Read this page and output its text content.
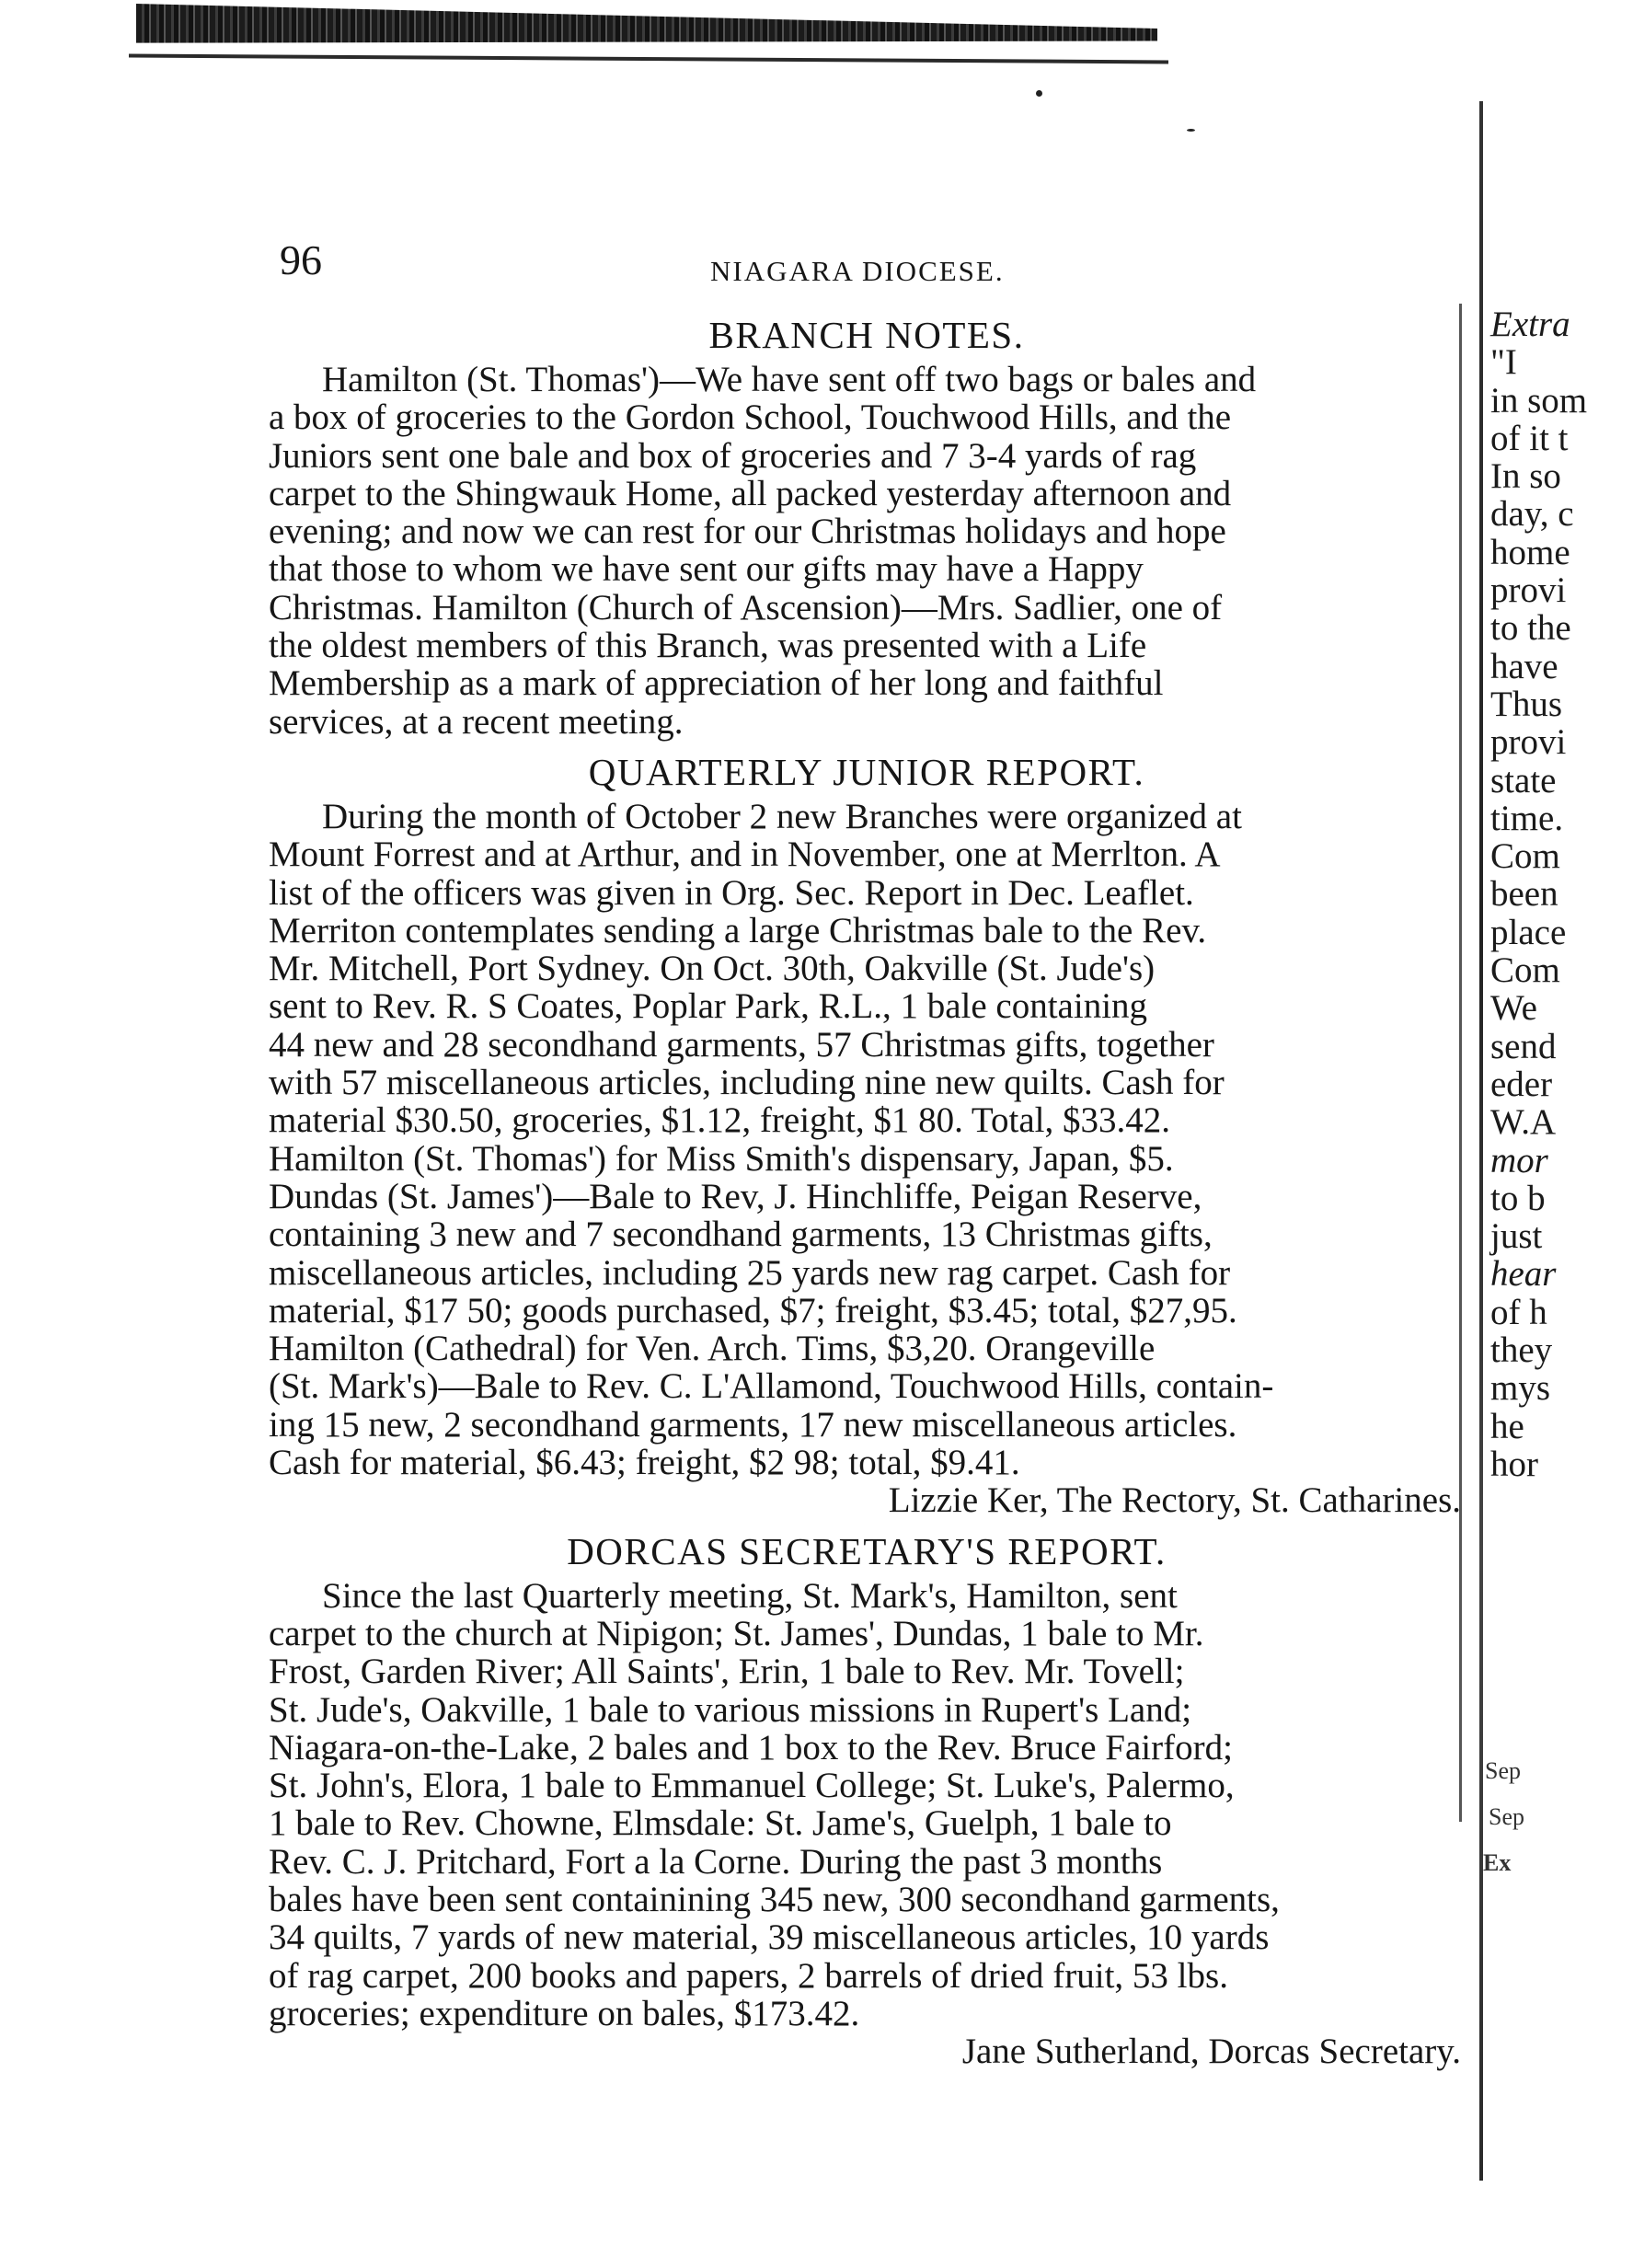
96	NIAGARA DIOCESE.
BRANCH NOTES.
Hamilton (St. Thomas')—We have sent off two bags or bales and
a box of groceries to the Gordon School, Touchwood Hills, and the
Juniors sent one bale and box of groceries and 7 3-4 yards of rag
carpet to the Shingwauk Home, all packed yesterday afternoon and
evening; and now we can rest for our Christmas holidays and hope
that those to whom we have sent our gifts may have a Happy
Christmas. Hamilton (Church of Ascension)—Mrs. Sadlier, one of
the oldest members of this Branch, was presented with a Life
Membership as a mark of appreciation of her long and faithful
services, at a recent meeting.
QUARTERLY JUNIOR REPORT.
During the month of October 2 new Branches were organized at
Mount Forrest and at Arthur, and in November, one at Merrlton. A
list of the officers was given in Org. Sec. Report in Dec. Leaflet.
Merriton contemplates sending a large Christmas bale to the Rev.
Mr. Mitchell, Port Sydney. On Oct. 30th, Oakville (St. Jude's)
sent to Rev. R. S Coates, Poplar Park, R.L., 1 bale containing
44 new and 28 secondhand garments, 57 Christmas gifts, together
with 57 miscellaneous articles, including nine new quilts. Cash for
material $30.50, groceries, $1.12, freight, $1 80. Total, $33.42.
Hamilton (St. Thomas') for Miss Smith's dispensary, Japan, $5.
Dundas (St. James')—Bale to Rev, J. Hinchliffe, Peigan Reserve,
containing 3 new and 7 secondhand garments, 13 Christmas gifts,
miscellaneous articles, including 25 yards new rag carpet. Cash for
material, $17 50; goods purchased, $7; freight, $3.45; total, $27,95.
Hamilton (Cathedral) for Ven. Arch. Tims, $3,20. Orangeville
(St. Mark's)—Bale to Rev. C. L'Allamond, Touchwood Hills, contain-
ing 15 new, 2 secondhand garments, 17 new miscellaneous articles.
Cash for material, $6.43; freight, $2 98; total, $9.41.
Lizzie Ker, The Rectory, St. Catharines.
DORCAS SECRETARY'S REPORT.
Since the last Quarterly meeting, St. Mark's, Hamilton, sent
carpet to the church at Nipigon; St. James', Dundas, 1 bale to Mr.
Frost, Garden River; All Saints', Erin, 1 bale to Rev. Mr. Tovell;
St. Jude's, Oakville, 1 bale to various missions in Rupert's Land;
Niagara-on-the-Lake, 2 bales and 1 box to the Rev. Bruce Fairford;
St. John's, Elora, 1 bale to Emmanuel College; St. Luke's, Palermo,
1 bale to Rev. Chowne, Elmsdale: St. Jame's, Guelph, 1 bale to
Rev. C. J. Pritchard, Fort a la Corne. During the past 3 months
bales have been sent containining 345 new, 300 secondhand garments,
34 quilts, 7 yards of new material, 39 miscellaneous articles, 10 yards
of rag carpet, 200 books and papers, 2 barrels of dried fruit, 53 lbs.
groceries; expenditure on bales, $173.42.
Jane Sutherland, Dorcas Secretary.
Extra
"I
in som
of it t
In so
day, c
home
provi
to the
have
Thus
provi
state
time.
Com
been
place
Com
We
send
eder
W.A
mor
to b
just
hear
of h
they
mys
he
hor
Sep
Sep
Ex
